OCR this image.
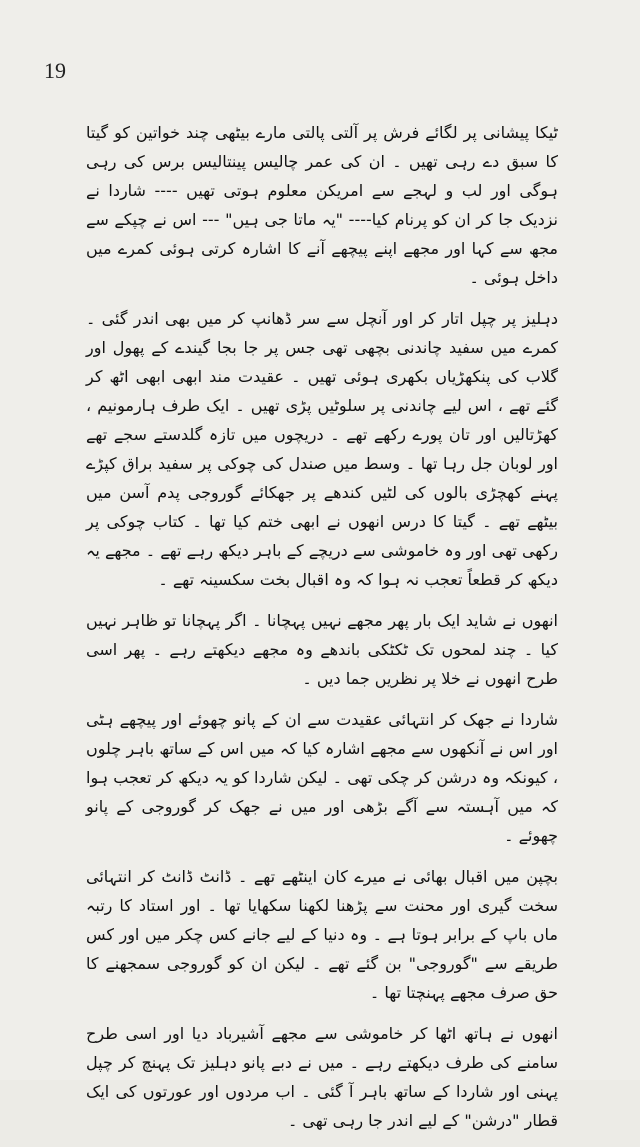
19

ٹیکا پیشانی پر لگائے فرش پر آلتی پالتی مارے بیٹھی چند خواتین کو گیتا کا سبق دے رہی تھیں ۔ ان کی عمر چالیس پینتالیس برس کی رہی ہوگی اور لب و لہجے سے امریکن معلوم ہوتی تھیں ---- شاردا نے نزدیک جا کر ان کو پرنام کیا---- "یہ ماتا جی ہیں" --- اس نے چپکے سے مجھ سے کہا اور مجھے اپنے پیچھے آنے کا اشارہ کرتی ہوئی کمرے میں داخل ہوئی ۔

دہلیز پر چپل اتار کر اور آنچل سے سر ڈھانپ کر میں بھی اندر گئی ۔ کمرے میں سفید چاندنی بچھی تھی جس پر جا بجا گیندے کے پھول اور گلاب کی پنکھڑیاں بکھری ہوئی تھیں ۔ عقیدت مند ابھی ابھی اٹھ کر گئے تھے ، اس لیے چاندنی پر سلوٹیں پڑی تھیں ۔ ایک طرف ہارمونیم ، کھڑتالیں اور تان پورے رکھے تھے ۔ دریچوں میں تازہ گلدستے سجے تھے اور لوبان جل رہا تھا ۔ وسط میں صندل کی چوکی پر سفید براق کپڑے پہنے کھچڑی بالوں کی لٹیں کندھے پر جھکائے گوروجی پدم آسن میں بیٹھے تھے ۔ گیتا کا درس انھوں نے ابھی ختم کیا تھا ۔ کتاب چوکی پر رکھی تھی اور وہ خاموشی سے دریچے کے باہر دیکھ رہے تھے ۔ مجھے یہ دیکھ کر قطعاً تعجب نہ ہوا کہ وہ اقبال بخت سکسینہ تھے ۔

انھوں نے شاید ایک بار پھر مجھے نہیں پہچانا ۔ اگر پہچانا تو ظاہر نہیں کیا ۔ چند لمحوں تک ٹکٹکی باندھے وہ مجھے دیکھتے رہے ۔ پھر اسی طرح انھوں نے خلا پر نظریں جما دیں ۔

شاردا نے جھک کر انتہائی عقیدت سے ان کے پانو چھوئے اور پیچھے ہٹی اور اس نے آنکھوں سے مجھے اشارہ کیا کہ میں اس کے ساتھ باہر چلوں ، کیونکہ وہ درشن کر چکی تھی ۔ لیکن شاردا کو یہ دیکھ کر تعجب ہوا کہ میں آہستہ سے آگے بڑھی اور میں نے جھک کر گوروجی کے پانو چھوئے ۔

بچپن میں اقبال بھائی نے میرے کان اینٹھے تھے ۔ ڈانٹ ڈانٹ کر انتہائی سخت گیری اور محنت سے پڑھنا لکھنا سکھایا تھا ۔ اور استاد کا رتبہ ماں باپ کے برابر ہوتا ہے ۔ وہ دنیا کے لیے جانے کس چکر میں اور کس طریقے سے "گوروجی" بن گئے تھے ۔ لیکن ان کو گوروجی سمجھنے کا حق صرف مجھے پہنچتا تھا ۔

انھوں نے ہاتھ اٹھا کر خاموشی سے مجھے آشیرباد دیا اور اسی طرح سامنے کی طرف دیکھتے رہے ۔ میں نے دبے پانو دہلیز تک پہنچ کر چپل پہنی اور شاردا کے ساتھ باہر آ گئی ۔ اب مردوں اور عورتوں کی ایک قطار "درشن" کے لیے اندر جا رہی تھی ۔
